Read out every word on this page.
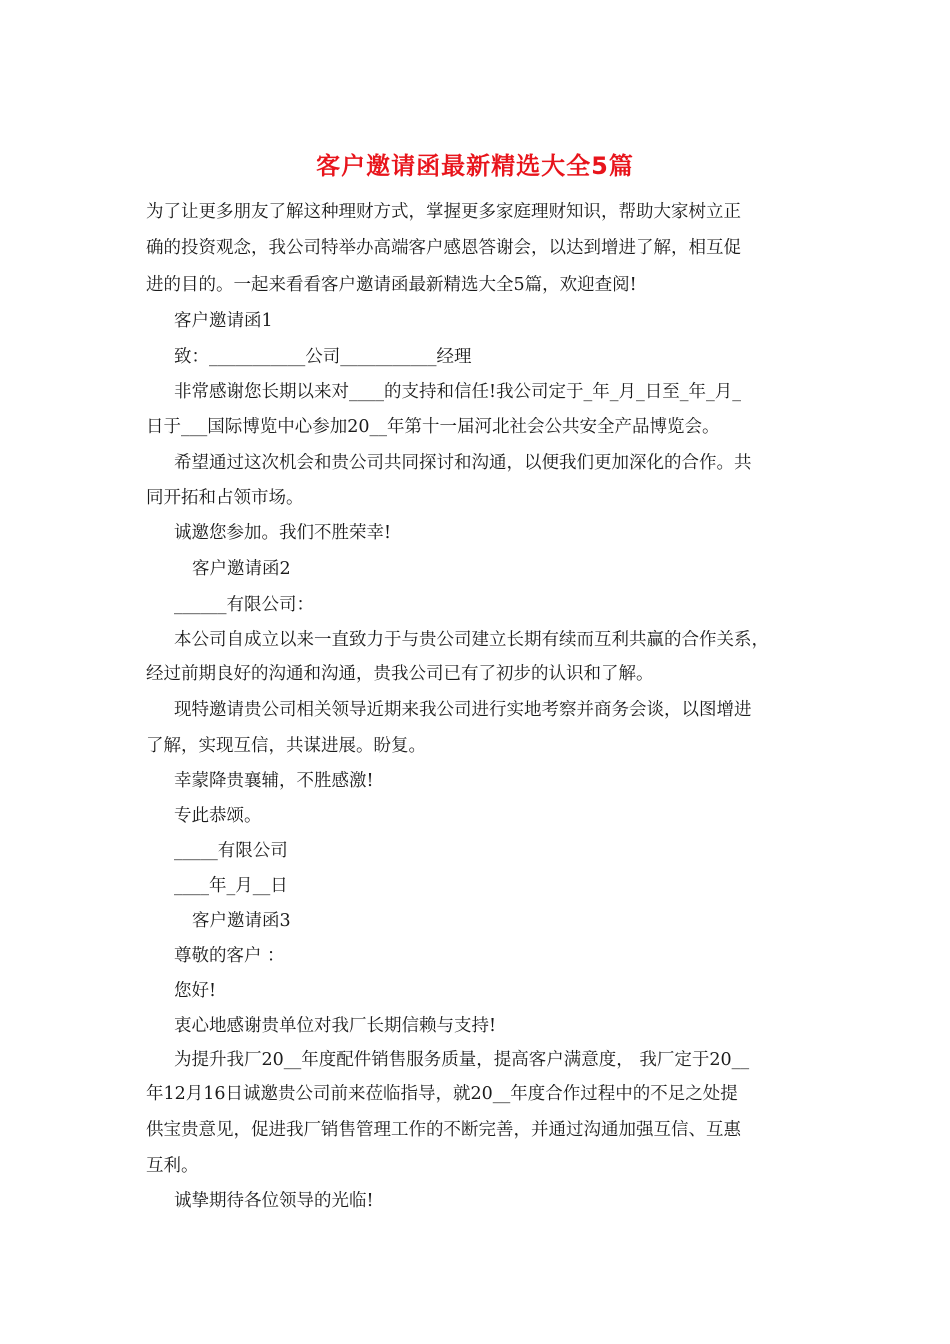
客户邀请函最新精选大全5篇
为了让更多朋友了解这种理财方式，掌握更多家庭理财知识，帮助大家树立正
确的投资观念，我公司特举办高端客户感恩答谢会，以达到增进了解，相互促
进的目的。一起来看看客户邀请函最新精选大全5篇，欢迎查阅!
客户邀请函1
致：___________公司___________经理
非常感谢您长期以来对____的支持和信任!我公司定于_年_月_日至_年_月_
日于___国际博览中心参加20__年第十一届河北社会公共安全产品博览会。
希望通过这次机会和贵公司共同探讨和沟通，以便我们更加深化的合作。共
同开拓和占领市场。
诚邀您参加。我们不胜荣幸!
客户邀请函2
______有限公司：
本公司自成立以来一直致力于与贵公司建立长期有续而互利共赢的合作关系，
经过前期良好的沟通和沟通，贵我公司已有了初步的认识和了解。
现特邀请贵公司相关领导近期来我公司进行实地考察并商务会谈，以图增进
了解，实现互信，共谋进展。盼复。
幸蒙降贵襄辅，不胜感激!
专此恭颂。
_____有限公司
____年_月__日
客户邀请函3
尊敬的客户 ：
您好!
衷心地感谢贵单位对我厂长期信赖与支持!
为提升我厂20__年度配件销售服务质量，提高客户满意度， 我厂定于20__
年12月16日诚邀贵公司前来莅临指导，就20__年度合作过程中的不足之处提
供宝贵意见，促进我厂销售管理工作的不断完善，并通过沟通加强互信、互惠
互利。
诚挚期待各位领导的光临!
